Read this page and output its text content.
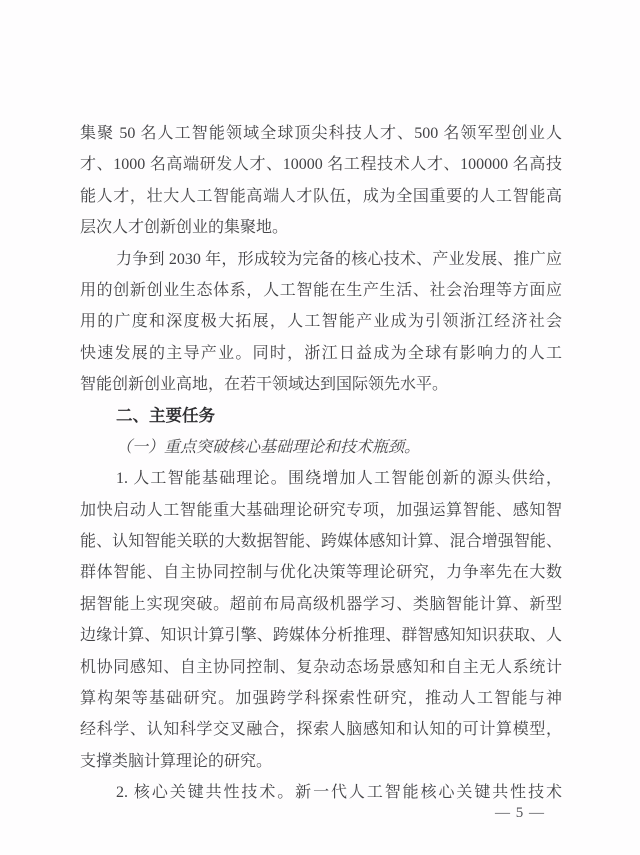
集聚 50 名人工智能领域全球顶尖科技人才、500 名领军型创业人
才、1000 名高端研发人才、10000 名工程技术人才、100000 名高技
能人才，壮大人工智能高端人才队伍，成为全国重要的人工智能高
层次人才创新创业的集聚地。
力争到 2030 年，形成较为完备的核心技术、产业发展、推广应
用的创新创业生态体系，人工智能在生产生活、社会治理等方面应
用的广度和深度极大拓展，人工智能产业成为引领浙江经济社会
快速发展的主导产业。同时，浙江日益成为全球有影响力的人工
智能创新创业高地，在若干领域达到国际领先水平。
二、主要任务
（一）重点突破核心基础理论和技术瓶颈。
1. 人工智能基础理论。围绕增加人工智能创新的源头供给，
加快启动人工智能重大基础理论研究专项，加强运算智能、感知智
能、认知智能关联的大数据智能、跨媒体感知计算、混合增强智能、
群体智能、自主协同控制与优化决策等理论研究，力争率先在大数
据智能上实现突破。超前布局高级机器学习、类脑智能计算、新型
边缘计算、知识计算引擎、跨媒体分析推理、群智感知知识获取、人
机协同感知、自主协同控制、复杂动态场景感知和自主无人系统计
算构架等基础研究。加强跨学科探索性研究，推动人工智能与神
经科学、认知科学交叉融合，探索人脑感知和认知的可计算模型，
支撑类脑计算理论的研究。
2. 核心关键共性技术。新一代人工智能核心关键共性技术
— 5 —
